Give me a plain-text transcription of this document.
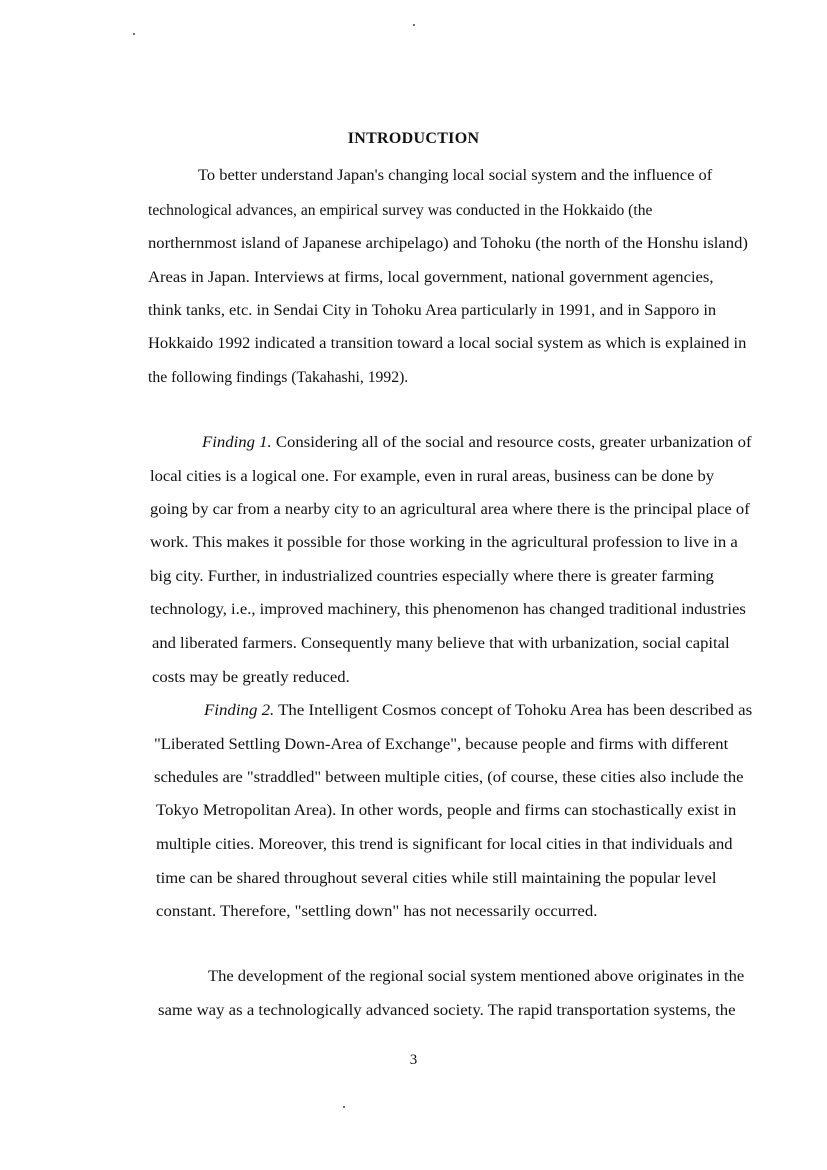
INTRODUCTION
To better understand Japan's changing local social system and the influence of
technological advances, an empirical survey was conducted in the Hokkaido (the
northernmost island of Japanese archipelago) and Tohoku (the north of the Honshu island)
Areas in Japan. Interviews at firms, local government, national government agencies,
think tanks, etc. in Sendai City in Tohoku Area particularly in 1991, and in Sapporo in
Hokkaido 1992 indicated a transition toward a local social system as which is explained in
the following findings (Takahashi, 1992).
Finding 1. Considering all of the social and resource costs, greater urbanization of
local cities is a logical one. For example, even in rural areas, business can be done by
going by car from a nearby city to an agricultural area where there is the principal place of
work. This makes it possible for those working in the agricultural profession to live in a
big city. Further, in industrialized countries especially where there is greater farming
technology, i.e., improved machinery, this phenomenon has changed traditional industries
and liberated farmers. Consequently many believe that with urbanization, social capital
costs may be greatly reduced.
Finding 2. The Intelligent Cosmos concept of Tohoku Area has been described as
"Liberated Settling Down-Area of Exchange", because people and firms with different
schedules are "straddled" between multiple cities, (of course, these cities also include the
Tokyo Metropolitan Area). In other words, people and firms can stochastically exist in
multiple cities. Moreover, this trend is significant for local cities in that individuals and
time can be shared throughout several cities while still maintaining the popular level
constant. Therefore, "settling down" has not necessarily occurred.
The development of the regional social system mentioned above originates in the
same way as a technologically advanced society. The rapid transportation systems, the
3
